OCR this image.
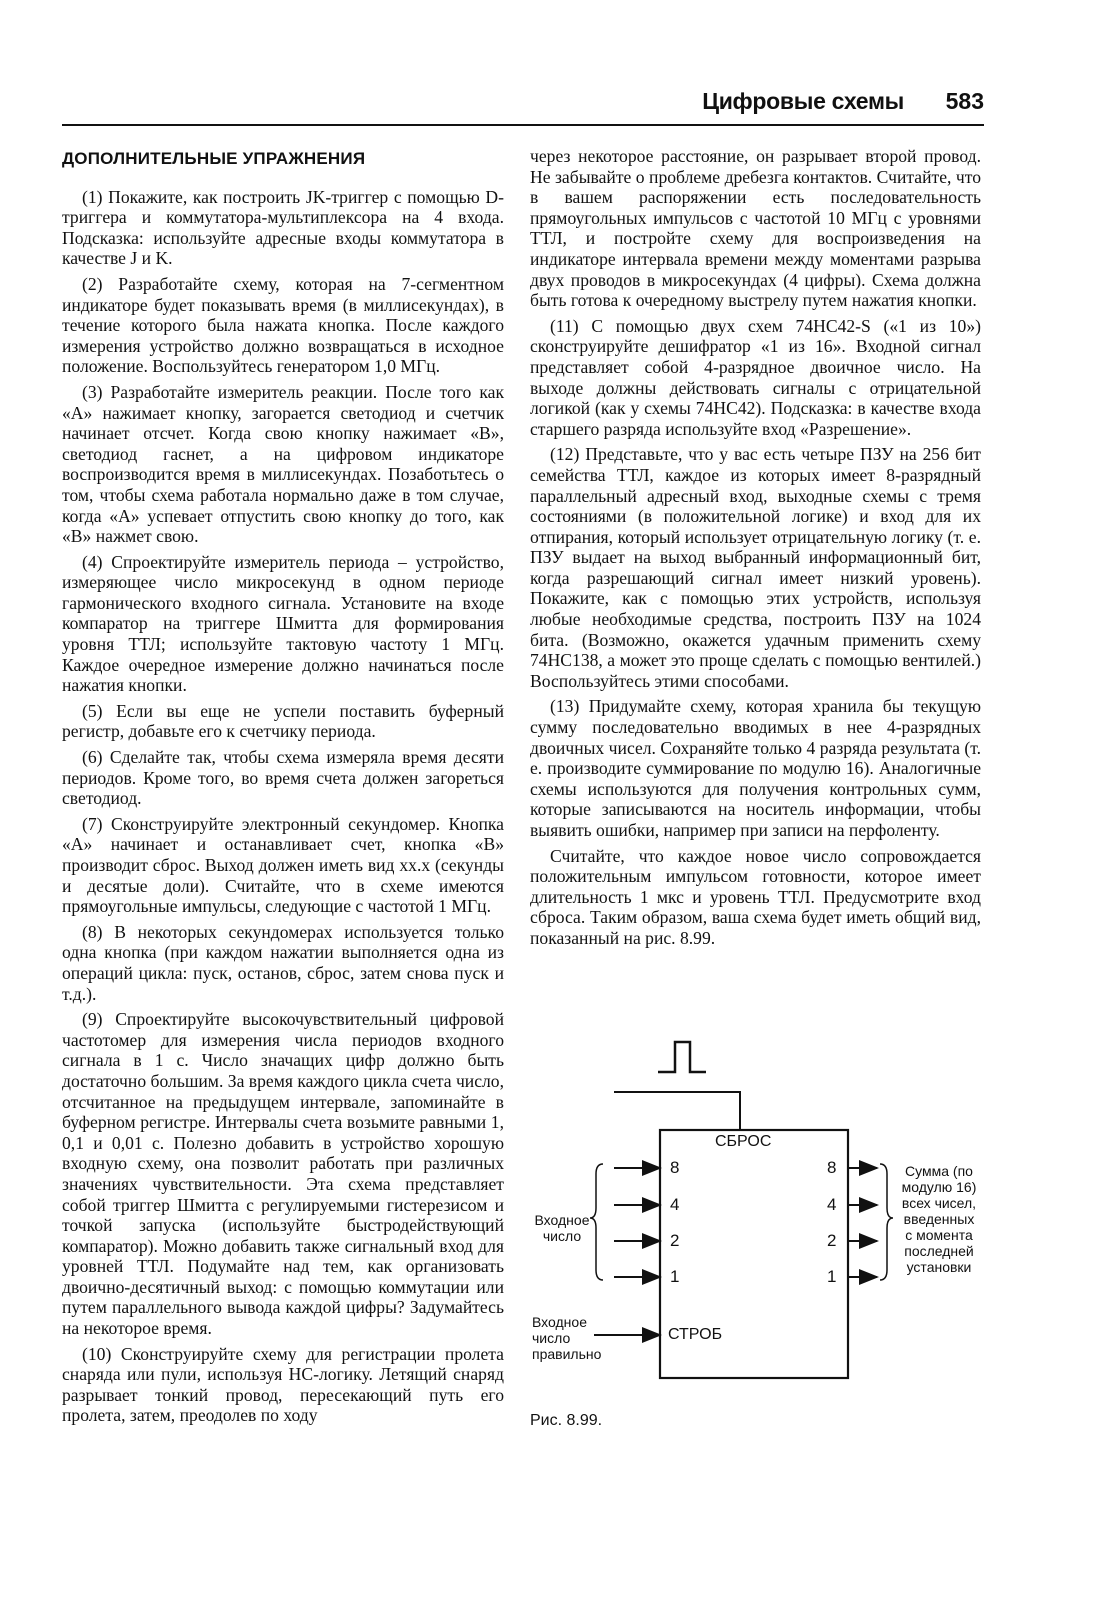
Цифровые схемы 583
ДОПОЛНИТЕЛЬНЫЕ УПРАЖНЕНИЯ

(1) Покажите, как построить JK-триггер с помощью D-триггера и коммутатора-мультиплексора на 4 входа. Подсказка: используйте адресные входы коммутатора в качестве J и K.

(2) Разработайте схему, которая на 7-сегментном индикаторе будет показывать время (в миллисекундах), в течение которого была нажата кнопка. После каждого измерения устройство должно возвращаться в исходное положение. Воспользуйтесь генератором 1,0 МГц.

(3) Разработайте измеритель реакции. После того как «А» нажимает кнопку, загорается светодиод и счетчик начинает отсчет. Когда свою кнопку нажимает «В», светодиод гаснет, а на цифровом индикаторе воспроизводится время в миллисекундах. Позаботьтесь о том, чтобы схема работала нормально даже в том случае, когда «А» успевает отпустить свою кнопку до того, как «В» нажмет свою.

(4) Спроектируйте измеритель периода – устройство, измеряющее число микросекунд в одном периоде гармонического входного сигнала. Установите на входе компаратор на триггере Шмитта для формирования уровня ТТЛ; используйте тактовую частоту 1 МГц. Каждое очередное измерение должно начинаться после нажатия кнопки.

(5) Если вы еще не успели поставить буферный регистр, добавьте его к счетчику периода.

(6) Сделайте так, чтобы схема измеряла время десяти периодов. Кроме того, во время счета должен загореться светодиод.

(7) Сконструируйте электронный секундомер. Кнопка «А» начинает и останавливает счет, кнопка «В» производит сброс. Выход должен иметь вид xx.x (секунды и десятые доли). Считайте, что в схеме имеются прямоугольные импульсы, следующие с частотой 1 МГц.

(8) В некоторых секундомерах используется только одна кнопка (при каждом нажатии выполняется одна из операций цикла: пуск, останов, сброс, затем снова пуск и т.д.).

(9) Спроектируйте высокочувствительный цифровой частотомер для измерения числа периодов входного сигнала в 1 с. Число значащих цифр должно быть достаточно большим. За время каждого цикла счета число, отсчитанное на предыдущем интервале, запоминайте в буферном регистре. Интервалы счета возьмите равными 1, 0,1 и 0,01 с. Полезно добавить в устройство хорошую входную схему, она позволит работать при различных значениях чувствительности. Эта схема представляет собой триггер Шмитта с регулируемыми гистерезисом и точкой запуска (используйте быстродействующий компаратор). Можно добавить также сигнальный вход для уровней ТТЛ. Подумайте над тем, как организовать двоично-десятичный выход: с помощью коммутации или путем параллельного вывода каждой цифры? Задумайтесь на некоторое время.

(10) Сконструируйте схему для регистрации пролета снаряда или пули, используя НС-логику. Летящий снаряд разрывает тонкий провод, пересекающий путь его пролета, затем, преодолев по ходу

через некоторое расстояние, он разрывает второй провод. Не забывайте о проблеме дребезга контактов. Считайте, что в вашем распоряжении есть последовательность прямоугольных импульсов с частотой 10 МГц с уровнями ТТЛ, и постройте схему для воспроизведения на индикаторе интервала времени между моментами разрыва двух проводов в микросекундах (4 цифры). Схема должна быть готова к очередному выстрелу путем нажатия кнопки.

(11) С помощью двух схем 74НС42-S («1 из 10») сконструируйте дешифратор «1 из 16». Входной сигнал представляет собой 4-разрядное двоичное число. На выходе должны действовать сигналы с отрицательной логикой (как у схемы 74НС42). Подсказка: в качестве входа старшего разряда используйте вход «Разрешение».

(12) Представьте, что у вас есть четыре ПЗУ на 256 бит семейства ТТЛ, каждое из которых имеет 8-разрядный параллельный адресный вход, выходные схемы с тремя состояниями (в положительной логике) и вход для их отпирания, который использует отрицательную логику (т. е. ПЗУ выдает на выход выбранный информационный бит, когда разрешающий сигнал имеет низкий уровень). Покажите, как с помощью этих устройств, используя любые необходимые средства, построить ПЗУ на 1024 бита. (Возможно, окажется удачным применить схему 74НС138, а может это проще сделать с помощью вентилей.) Воспользуйтесь этими способами.

(13) Придумайте схему, которая хранила бы текущую сумму последовательно вводимых в нее 4-разрядных двоичных чисел. Сохраняйте только 4 разряда результата (т. е. производите суммирование по модулю 16). Аналогичные схемы используются для получения контрольных сумм, которые записываются на носитель информации, чтобы выявить ошибки, например при записи на перфоленту.

Считайте, что каждое новое число сопровождается положительным импульсом готовности, которое имеет длительность 1 мкс и уровень ТТЛ. Предусмотрите вход сброса. Таким образом, ваша схема будет иметь общий вид, показанный на рис. 8.99.

СБРОС
СТРОБ
8
4
2
1
8
4
2
1
Входное
число
Входное
число
правильно
Сумма (по
модулю 16)
всех чисел,
введенных
с момента
последней
установки
Рис. 8.99.
